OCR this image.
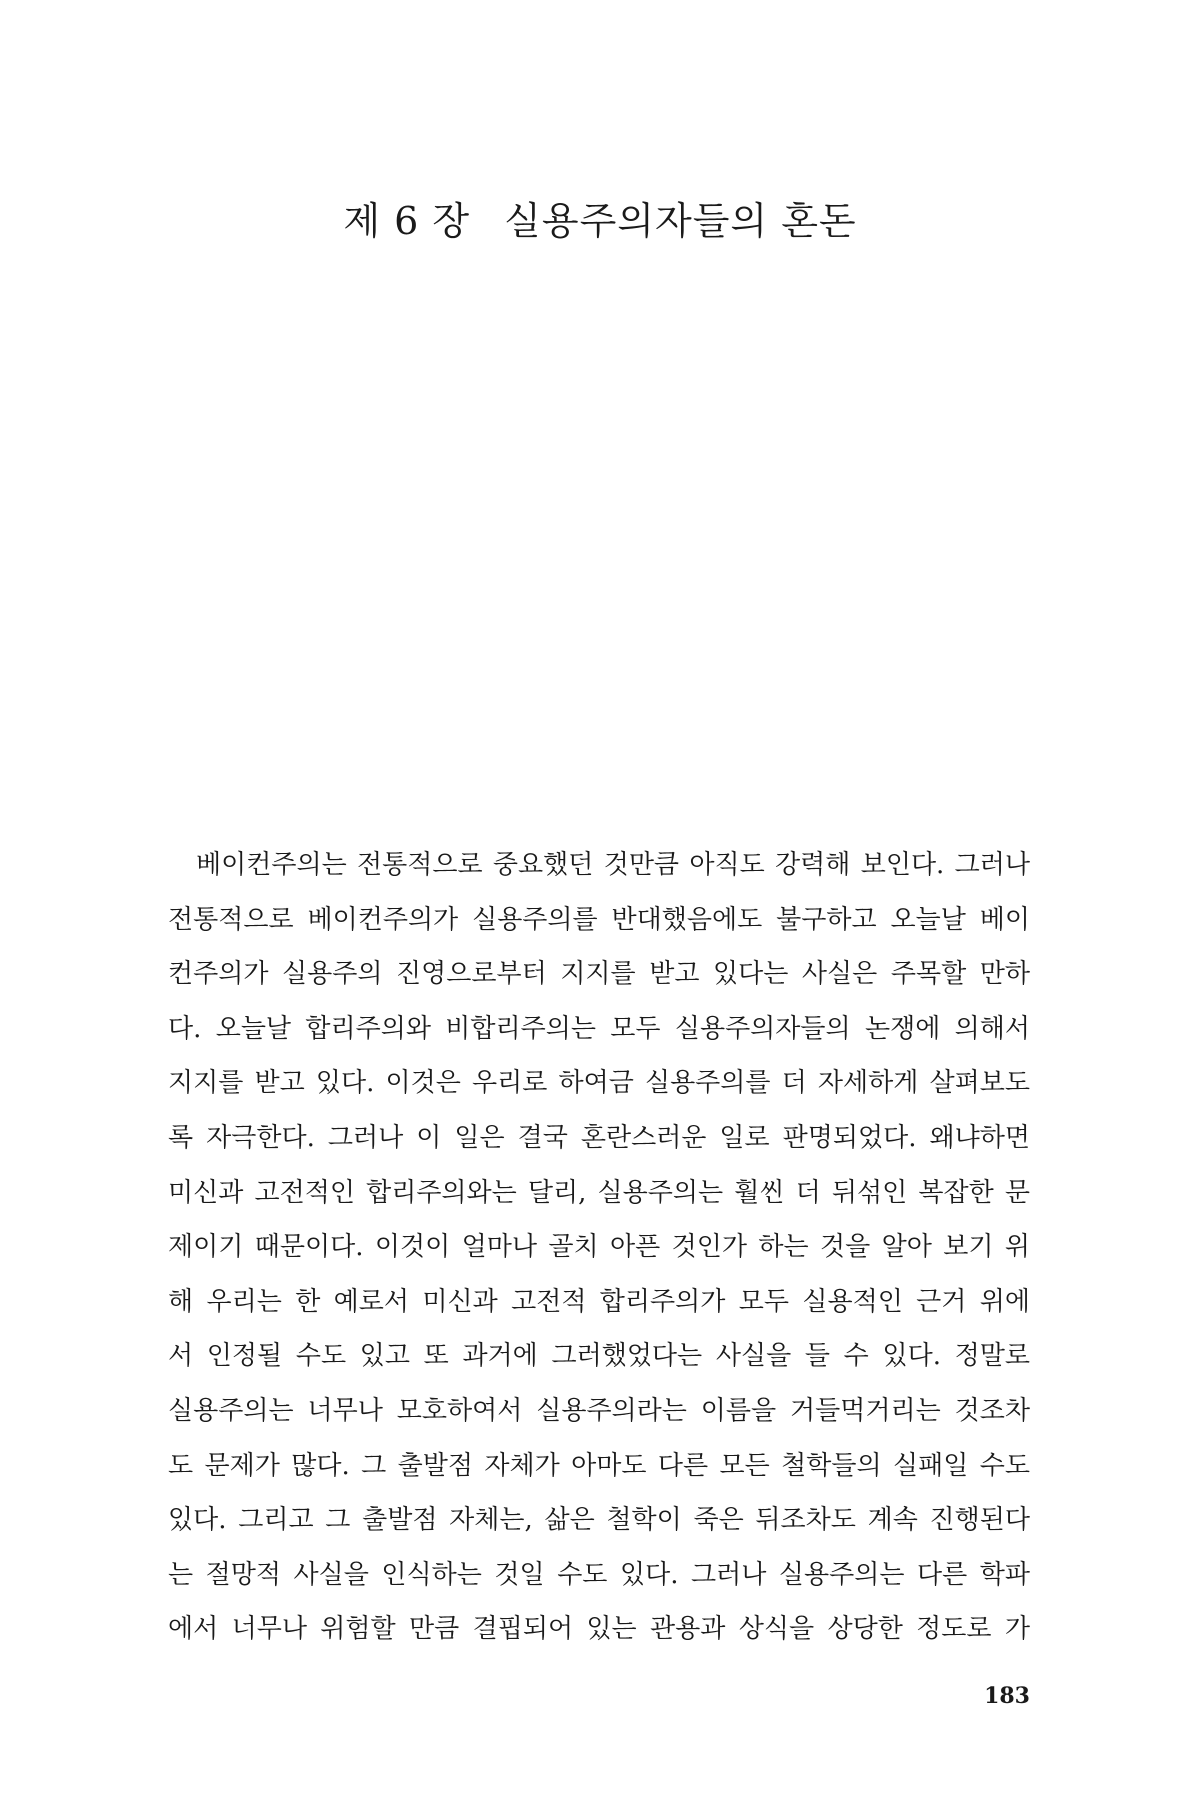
제 6 장 실용주의자들의 혼돈
베이컨주의는 전통적으로 중요했던 것만큼 아직도 강력해 보인다. 그러나
전통적으로 베이컨주의가 실용주의를 반대했음에도 불구하고 오늘날 베이
컨주의가 실용주의 진영으로부터 지지를 받고 있다는 사실은 주목할 만하
다. 오늘날 합리주의와 비합리주의는 모두 실용주의자들의 논쟁에 의해서
지지를 받고 있다. 이것은 우리로 하여금 실용주의를 더 자세하게 살펴보도
록 자극한다. 그러나 이 일은 결국 혼란스러운 일로 판명되었다. 왜냐하면
미신과 고전적인 합리주의와는 달리, 실용주의는 훨씬 더 뒤섞인 복잡한 문
제이기 때문이다. 이것이 얼마나 골치 아픈 것인가 하는 것을 알아 보기 위
해 우리는 한 예로서 미신과 고전적 합리주의가 모두 실용적인 근거 위에
서 인정될 수도 있고 또 과거에 그러했었다는 사실을 들 수 있다. 정말로
실용주의는 너무나 모호하여서 실용주의라는 이름을 거들먹거리는 것조차
도 문제가 많다. 그 출발점 자체가 아마도 다른 모든 철학들의 실패일 수도
있다. 그리고 그 출발점 자체는, 삶은 철학이 죽은 뒤조차도 계속 진행된다
는 절망적 사실을 인식하는 것일 수도 있다. 그러나 실용주의는 다른 학파
에서 너무나 위험할 만큼 결핍되어 있는 관용과 상식을 상당한 정도로 가
183
